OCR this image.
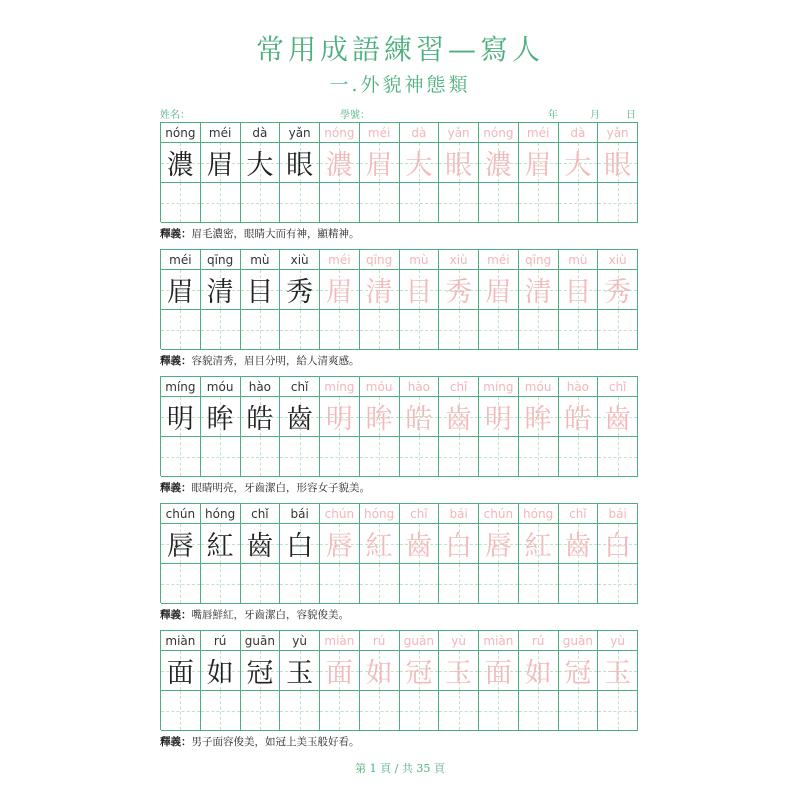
常用成語練習—寫人
一.外貌神態類
姓名：	學號：	年	月	日
nóng	méi	dà	yǎn	nóng	méi	dà	yǎn	nóng	méi	dà	yǎn
濃 眉 大 眼 濃 眉 大 眼 濃 眉 大 眼
釋義：眉毛濃密，眼睛大而有神，顯精神。
méi	qīng	mù	xiù	méi	qīng	mù	xiù	méi	qīng	mù	xiù
眉 清 目 秀 眉 清 目 秀 眉 清 目 秀
釋義：容貌清秀，眉目分明，給人清爽感。
míng móu	hào	chǐ	míng móu	hào	chǐ	míng móu	hào	chǐ
明 眸 皓 齒 明 眸 皓 齒 明 眸 皓 齒
釋義：眼睛明亮，牙齒潔白，形容女子貌美。
chún hóng	chǐ	bái	chún hóng	chǐ	bái	chún hóng	chǐ	bái
唇 紅 齒 白 唇 紅 齒 白 唇 紅 齒 白
釋義：嘴唇鮮紅，牙齒潔白，容貌俊美。
miàn	rú	guān	yù	miàn	rú	guān	yù	miàn	rú	guān	yù
面 如 冠 玉 面 如 冠 玉 面 如 冠 玉
釋義：男子面容俊美，如冠上美玉般好看。
第 1 頁 / 共 35 頁
